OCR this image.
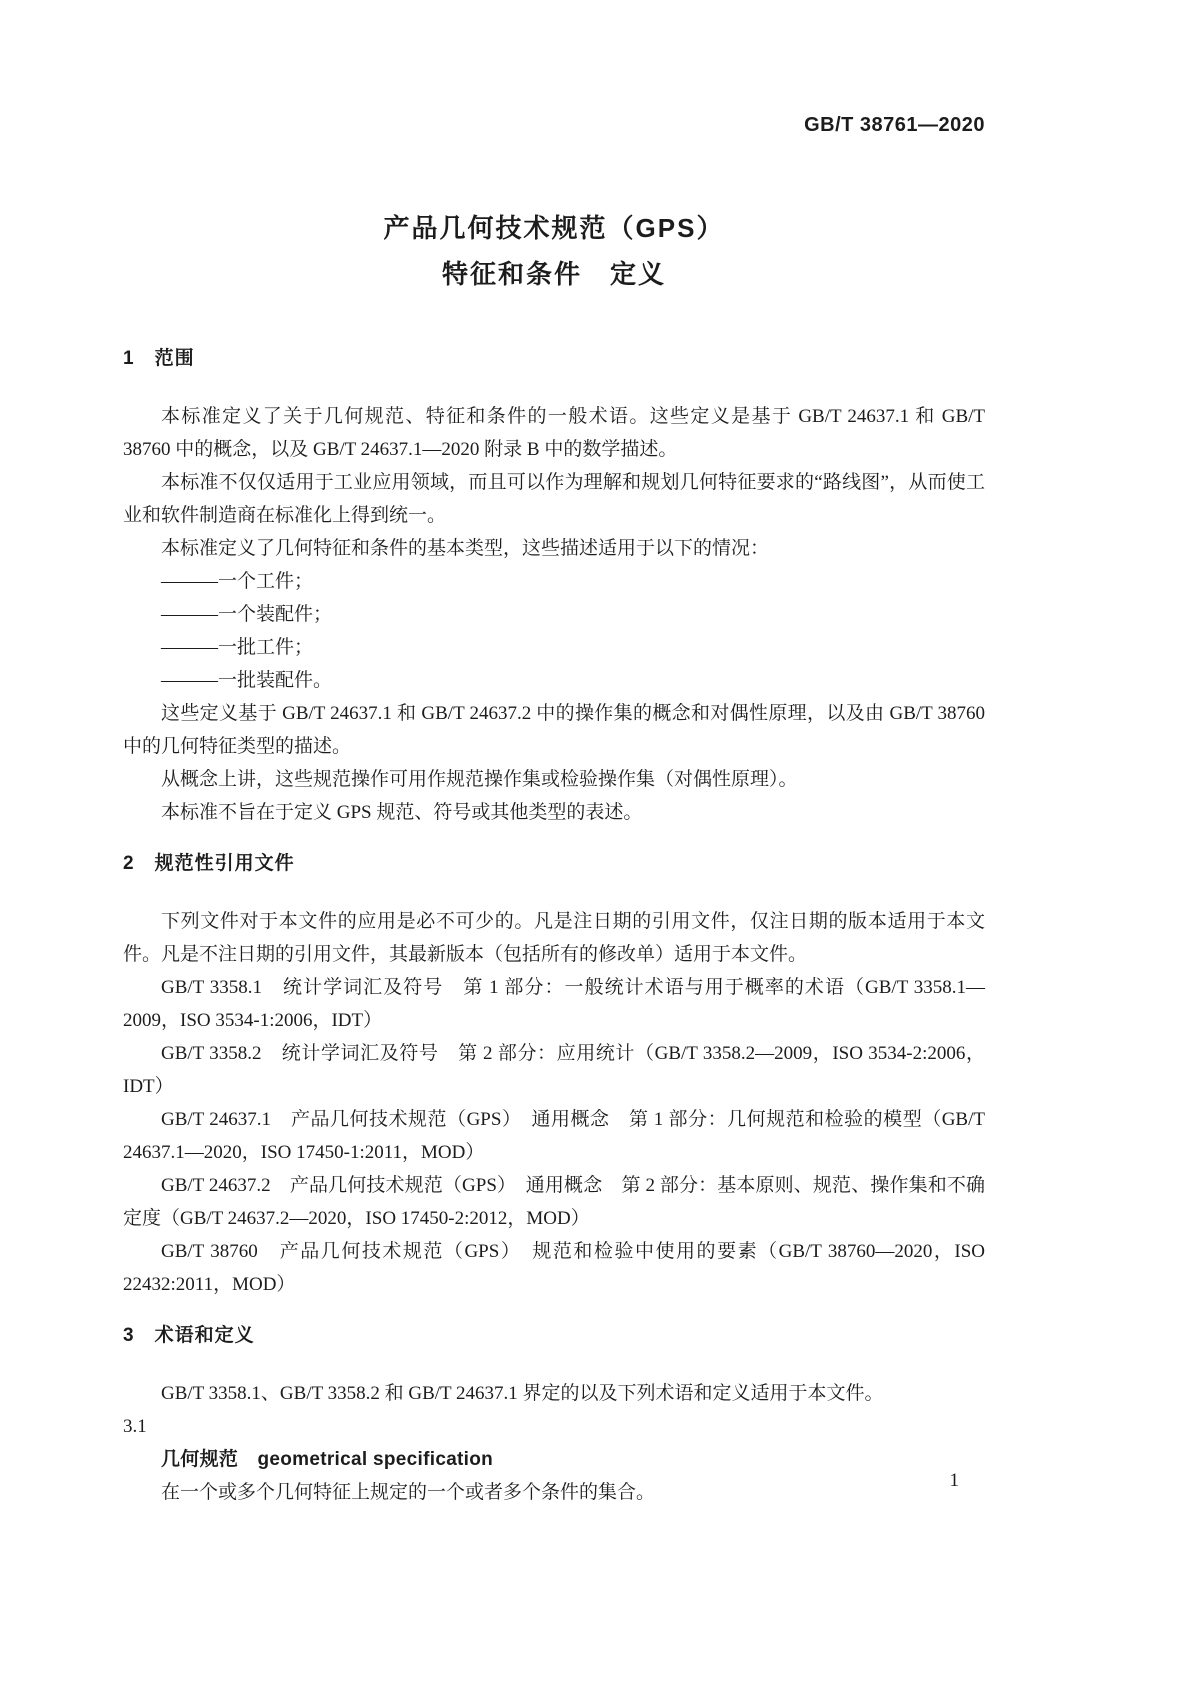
GB/T 38761—2020
产品几何技术规范（GPS）
特征和条件　定义
1　范围

本标准定义了关于几何规范、特征和条件的一般术语。这些定义是基于 GB/T 24637.1 和 GB/T 38760 中的概念，以及 GB/T 24637.1—2020 附录 B 中的数学描述。

本标准不仅仅适用于工业应用领域，而且可以作为理解和规划几何特征要求的“路线图”，从而使工业和软件制造商在标准化上得到统一。

本标准定义了几何特征和条件的基本类型，这些描述适用于以下的情况：

———一个工件；

———一个装配件；

———一批工件；

———一批装配件。

这些定义基于 GB/T 24637.1 和 GB/T 24637.2 中的操作集的概念和对偶性原理，以及由 GB/T 38760 中的几何特征类型的描述。

从概念上讲，这些规范操作可用作规范操作集或检验操作集（对偶性原理）。

本标准不旨在于定义 GPS 规范、符号或其他类型的表述。

2　规范性引用文件

下列文件对于本文件的应用是必不可少的。凡是注日期的引用文件，仅注日期的版本适用于本文件。凡是不注日期的引用文件，其最新版本（包括所有的修改单）适用于本文件。

GB/T 3358.1　统计学词汇及符号　第 1 部分：一般统计术语与用于概率的术语（GB/T 3358.1—2009，ISO 3534-1:2006，IDT）

GB/T 3358.2　统计学词汇及符号　第 2 部分：应用统计（GB/T 3358.2—2009，ISO 3534-2:2006，IDT）

GB/T 24637.1　产品几何技术规范（GPS）　通用概念　第 1 部分：几何规范和检验的模型（GB/T 24637.1—2020，ISO 17450-1:2011，MOD）

GB/T 24637.2　产品几何技术规范（GPS）　通用概念　第 2 部分：基本原则、规范、操作集和不确定度（GB/T 24637.2—2020，ISO 17450-2:2012，MOD）

GB/T 38760　产品几何技术规范（GPS）　规范和检验中使用的要素（GB/T 38760—2020，ISO 22432:2011，MOD）

3　术语和定义

GB/T 3358.1、GB/T 3358.2 和 GB/T 24637.1 界定的以及下列术语和定义适用于本文件。

3.1

几何规范　geometrical specification

在一个或多个几何特征上规定的一个或者多个条件的集合。

1
